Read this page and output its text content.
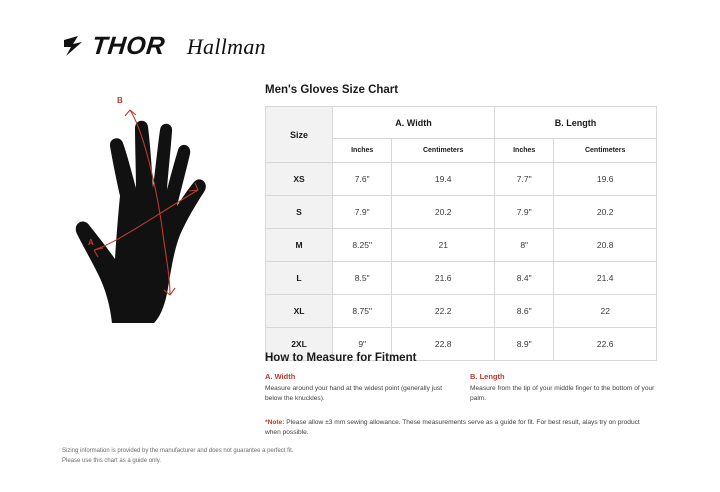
THOR Hallman
A
B
Men's Gloves Size Chart
Size	A. Width		B. Length	
	Inches	Centimeters	Inches	Centimeters
XS	7.6"	19.4	7.7"	19.6
S	7.9"	20.2	7.9"	20.2
M	8.25"	21	8"	20.8
L	8.5"	21.6	8.4"	21.4
XL	8.75"	22.2	8.6"	22
2XL	9"	22.8	8.9"	22.6
How to Measure for Fitment
A. Width
Measure around your hand at the widest point (generally just below the knuckles).
B. Length
Measure from the tip of your middle finger to the bottom of your palm.
*Note: Please allow ±3 mm sewing allowance. These measurements serve as a guide for fit. For best result, alays try on product when possible.
Sizing information is provided by the manufacturer and does not guarantee a perfect fit.
Please use this chart as a guide only.
